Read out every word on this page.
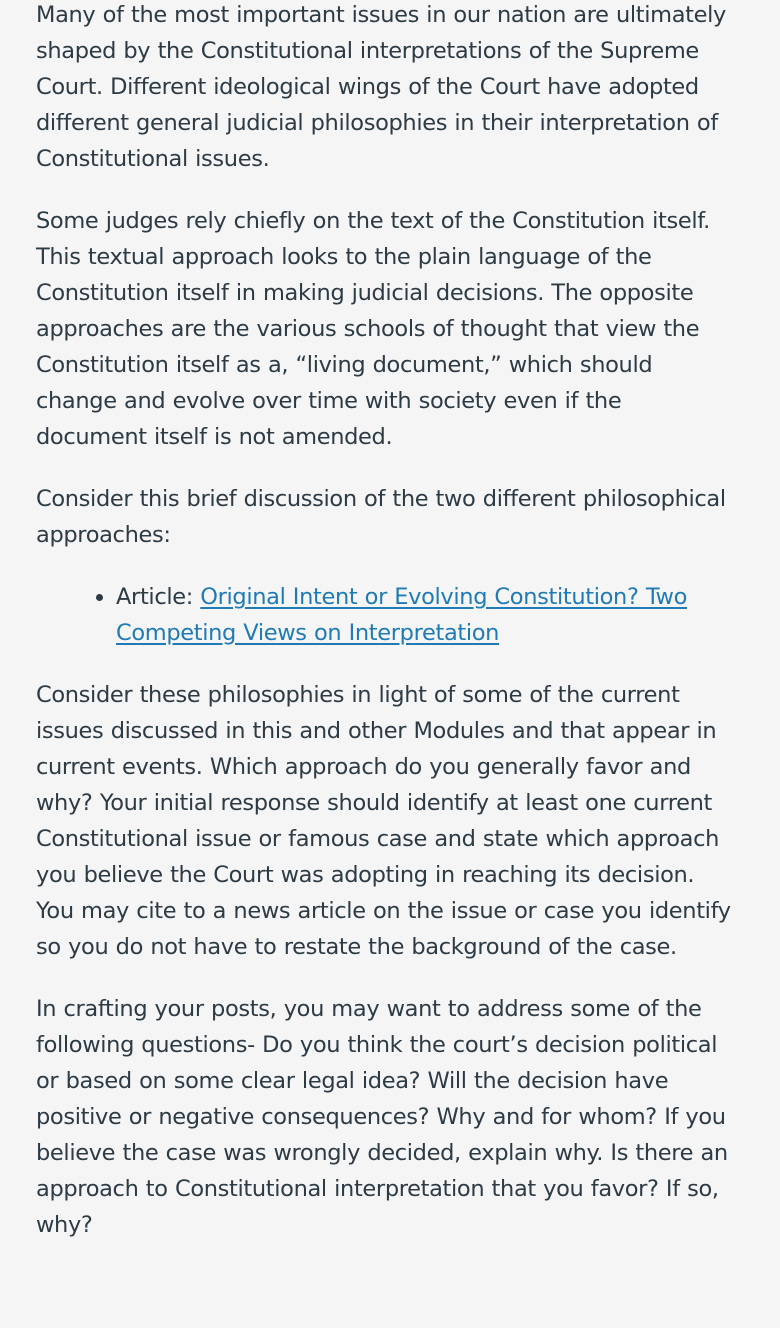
Many of the most important issues in our nation are ultimately shaped by the Constitutional interpretations of the Supreme Court. Different ideological wings of the Court have adopted different general judicial philosophies in their interpretation of Constitutional issues.

Some judges rely chiefly on the text of the Constitution itself. This textual approach looks to the plain language of the Constitution itself in making judicial decisions. The opposite approaches are the various schools of thought that view the Constitution itself as a, “living document,” which should change and evolve over time with society even if the document itself is not amended.

Consider this brief discussion of the two different philosophical approaches:

• Article: Original Intent or Evolving Constitution? Two Competing Views on Interpretation

Consider these philosophies in light of some of the current issues discussed in this and other Modules and that appear in current events. Which approach do you generally favor and why? Your initial response should identify at least one current Constitutional issue or famous case and state which approach you believe the Court was adopting in reaching its decision. You may cite to a news article on the issue or case you identify so you do not have to restate the background of the case.

In crafting your posts, you may want to address some of the following questions- Do you think the court’s decision political or based on some clear legal idea? Will the decision have positive or negative consequences? Why and for whom? If you believe the case was wrongly decided, explain why. Is there an approach to Constitutional interpretation that you favor? If so, why?
